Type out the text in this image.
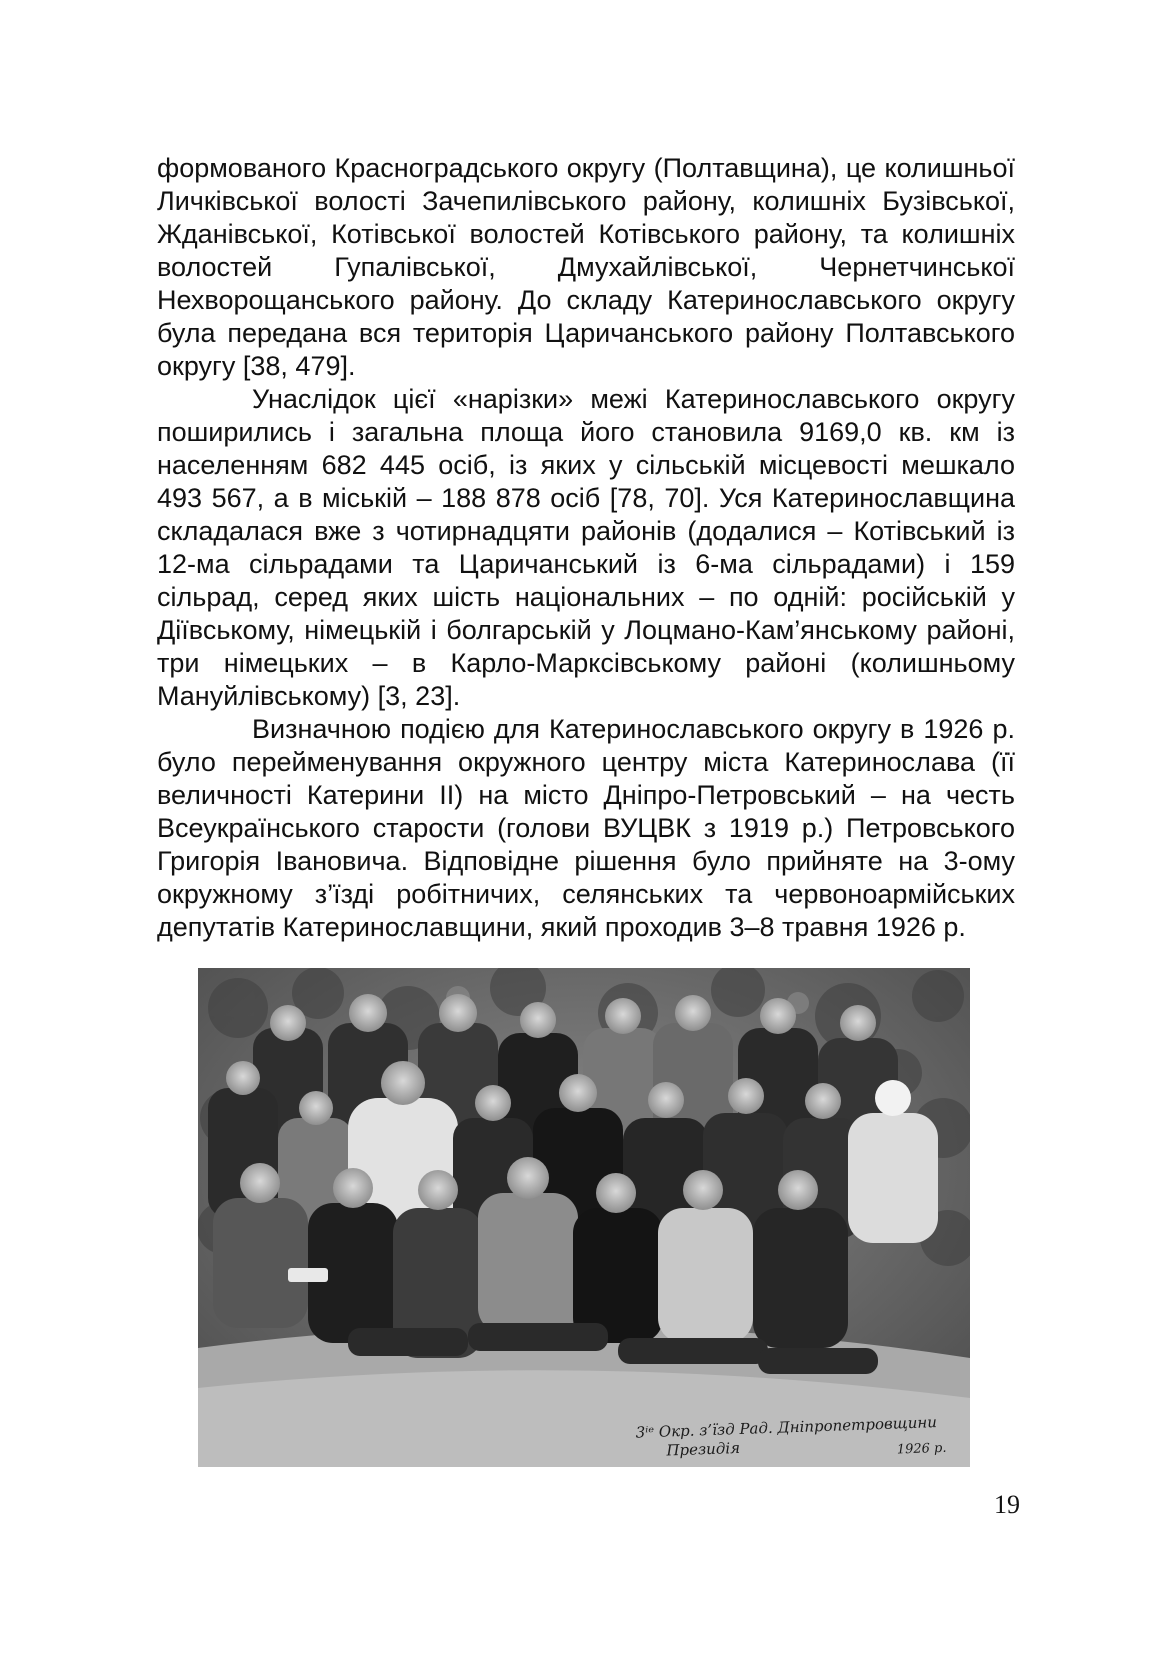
формованого Красноградського округу (Полтавщина), це колишньої Личківської волості Зачепилівського району, колишніх Бузівської, Жданівської, Котівської волостей Котівського району, та колишніх волостей Гупалівської, Дмухайлівської, Чернетчинської Нехворощанського району. До складу Катеринославського округу була передана вся територія Царичанського району Полтавського округу [38, 479].

Унаслідок цієї «нарізки» межі Катеринославського округу поширились і загальна площа його становила 9169,0 кв. км із населенням 682 445 осіб, із яких у сільській місцевості мешкало 493 567, а в міській – 188 878 осіб [78, 70]. Уся Катеринославщина складалася вже з чотирнадцяти районів (додалися – Котівський із 12-ма сільрадами та Царичанський із 6-ма сільрадами) і 159 сільрад, серед яких шість національних – по одній: російській у Діївському, німецькій і болгарській у Лоцмано-Кам’янському районі, три німецьких – в Карло-Марксівському районі (колишньому Мануйлівському) [3, 23].

Визначною подією для Катеринославського округу в 1926 р. було перейменування окружного центру міста Катеринослава (її величності Катерини ІІ) на місто Дніпро-Петровський – на честь Всеукраїнського старости (голови ВУЦВК з 1919 р.) Петровського Григорія Івановича. Відповідне рішення було прийняте на 3-ому окружному з’їзді робітничих, селянських та червоноармійських депутатів Катеринославщини, який проходив 3–8 травня 1926 р.

3ⁱᵉ Окр. з’їзд Рад. Дніпропетровщини
Президія	1926 р.
19
